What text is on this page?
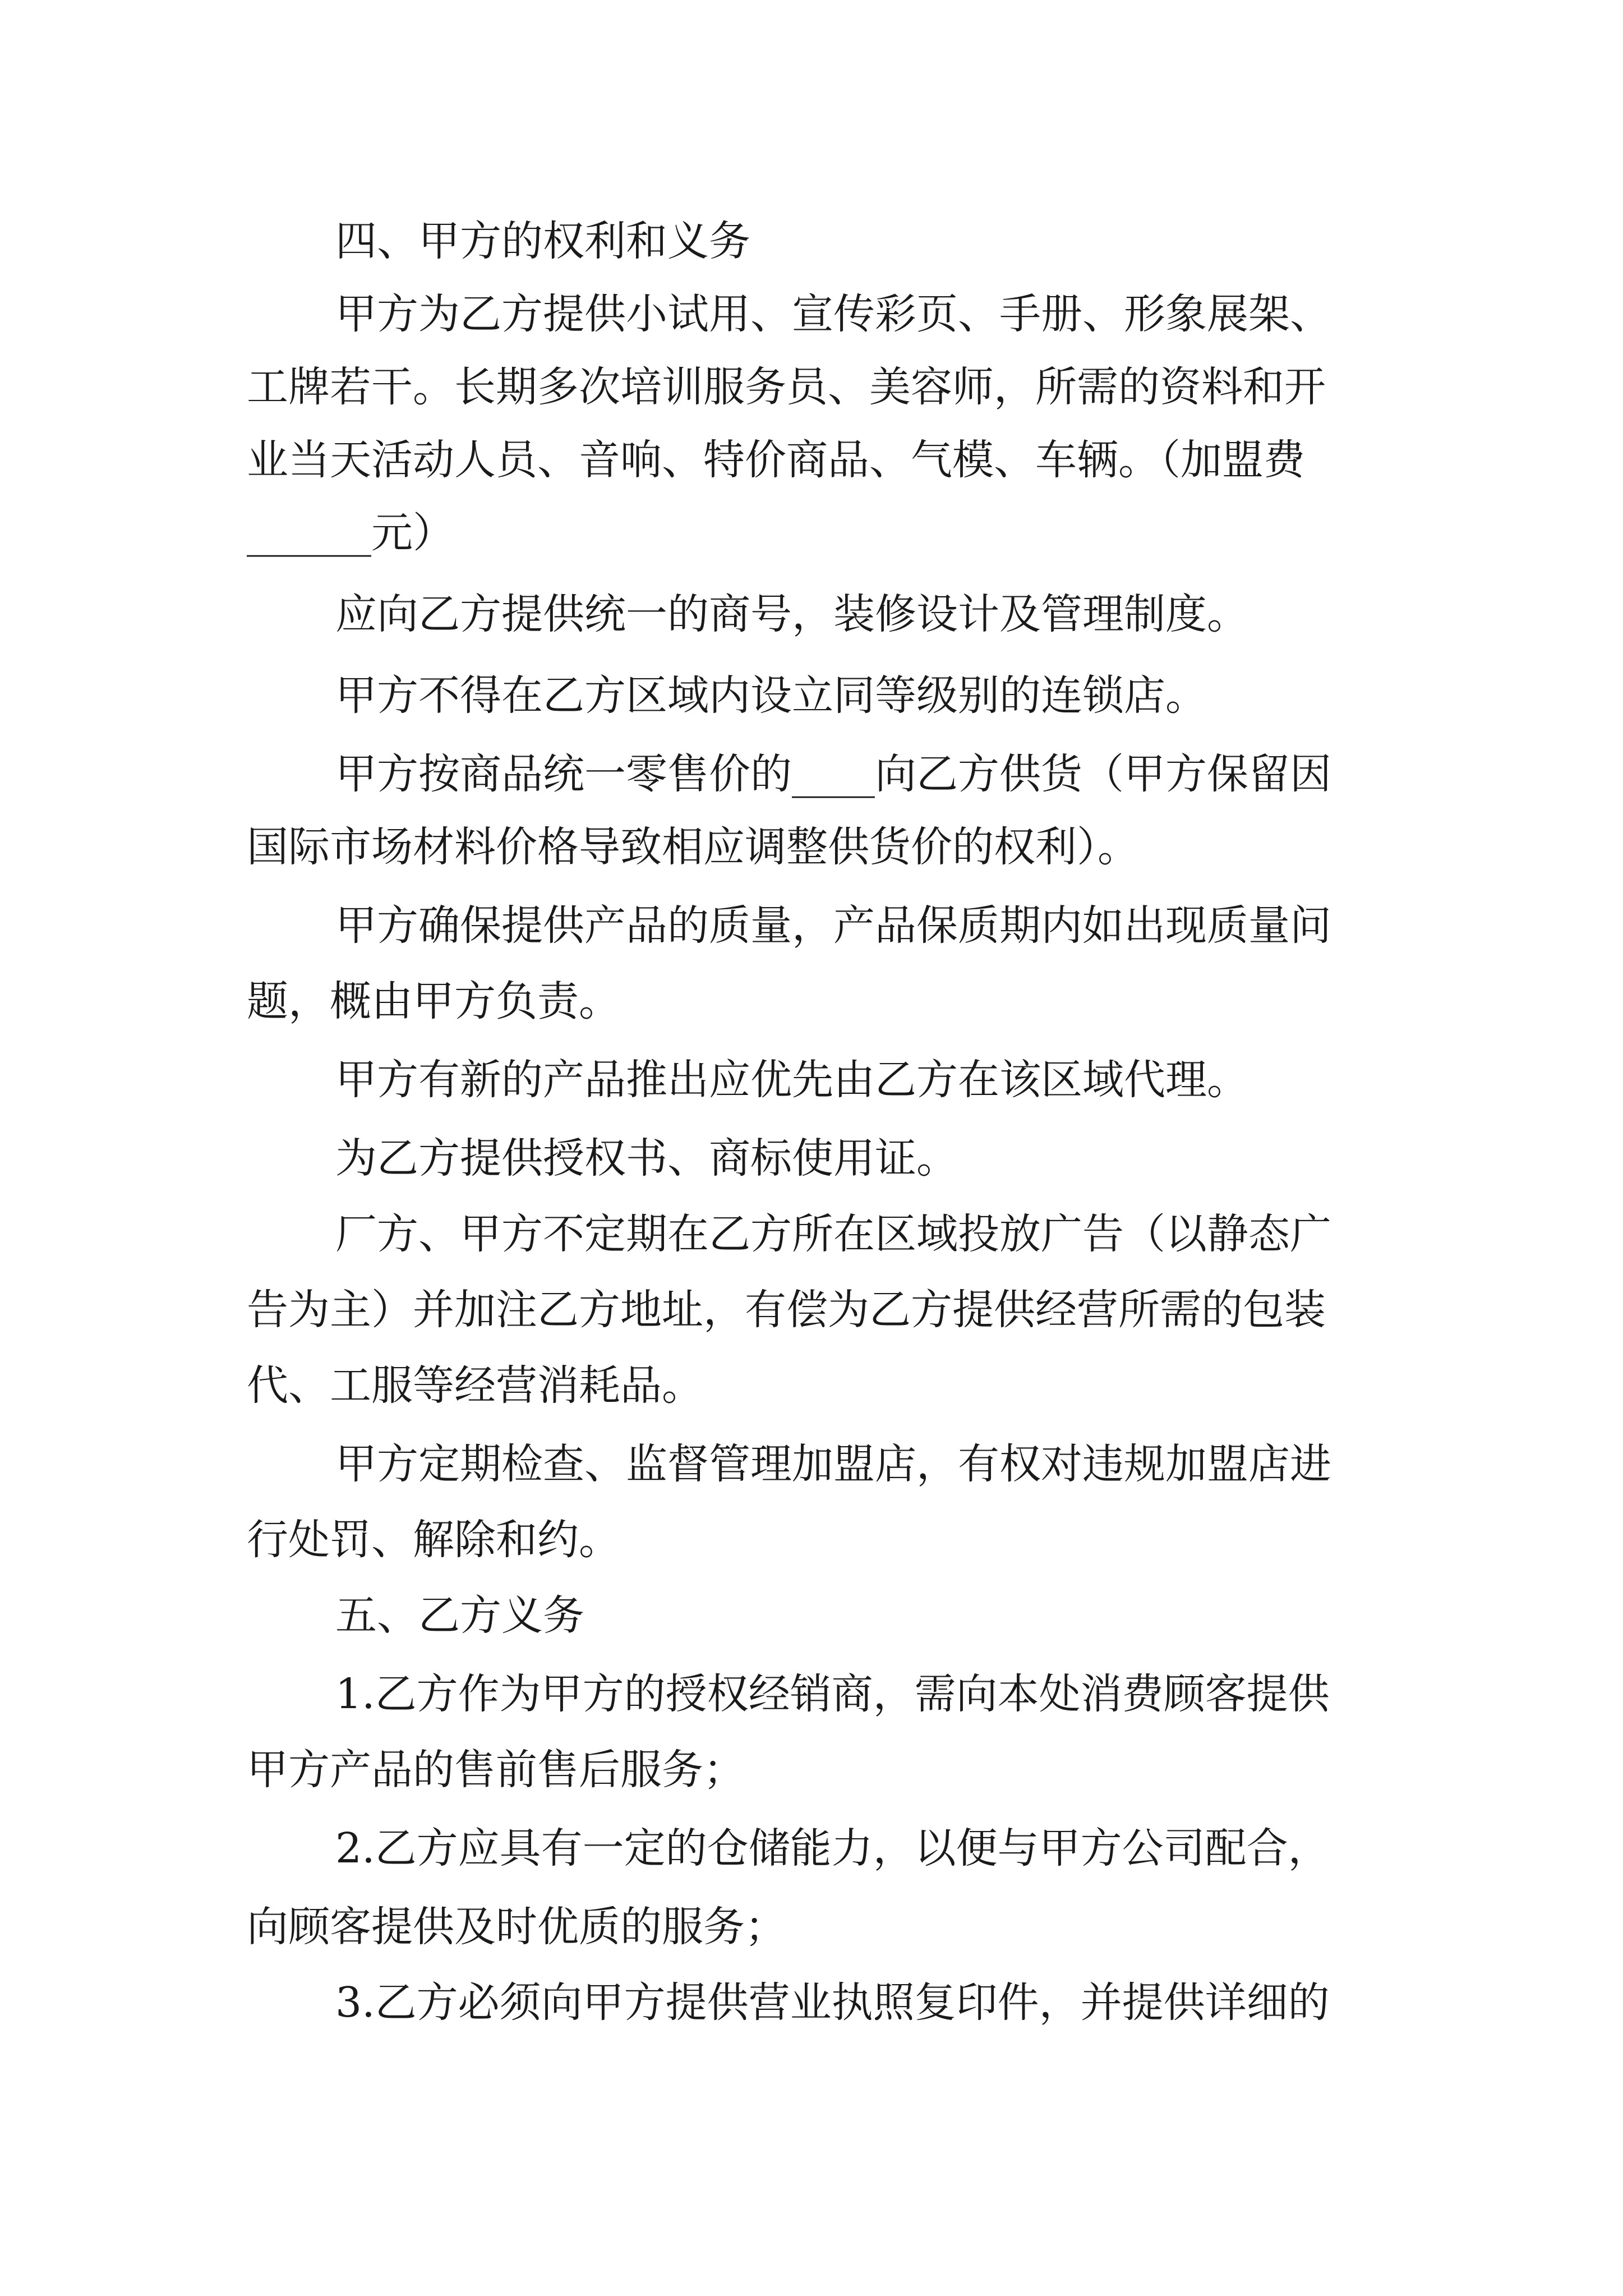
四、甲方的权利和义务

甲方为乙方提供小试用、宣传彩页、手册、形象展架、

工牌若干。长期多次培训服务员、美容师，所需的资料和开

业当天活动人员、音响、特价商品、气模、车辆。（加盟费

______元）

应向乙方提供统一的商号，装修设计及管理制度。

甲方不得在乙方区域内设立同等级别的连锁店。

甲方按商品统一零售价的____向乙方供货（甲方保留因

国际市场材料价格导致相应调整供货价的权利）。

甲方确保提供产品的质量，产品保质期内如出现质量问

题，概由甲方负责。

甲方有新的产品推出应优先由乙方在该区域代理。

为乙方提供授权书、商标使用证。

厂方、甲方不定期在乙方所在区域投放广告（以静态广

告为主）并加注乙方地址，有偿为乙方提供经营所需的包装

代、工服等经营消耗品。

甲方定期检查、监督管理加盟店，有权对违规加盟店进

行处罚、解除和约。

五、乙方义务

1.乙方作为甲方的授权经销商，需向本处消费顾客提供

甲方产品的售前售后服务；

2.乙方应具有一定的仓储能力，以便与甲方公司配合，

向顾客提供及时优质的服务；

3.乙方必须向甲方提供营业执照复印件，并提供详细的
